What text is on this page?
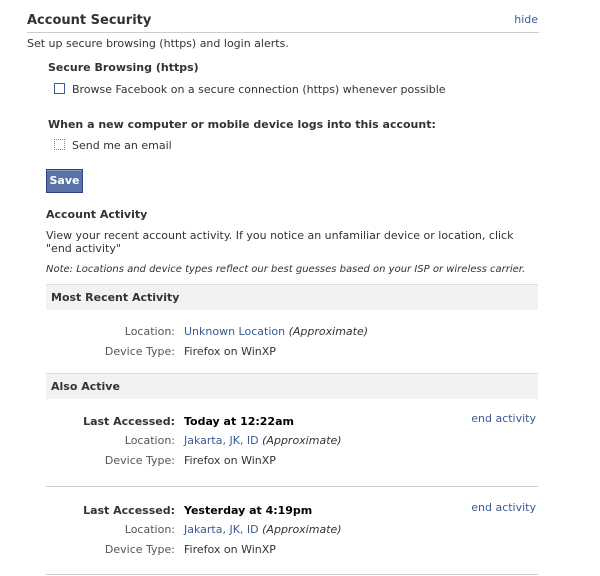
Account Security	hide
Set up secure browsing (https) and login alerts.
Secure Browsing (https)
Browse Facebook on a secure connection (https) whenever possible
When a new computer or mobile device logs into this account:
Send me an email
Save
Account Activity
View your recent account activity. If you notice an unfamiliar device or location, click "end activity"
Note: Locations and device types reflect our best guesses based on your ISP or wireless carrier.
Most Recent Activity
Location: Unknown Location (Approximate)
Device Type: Firefox on WinXP
Also Active
Last Accessed: Today at 12:22am	end activity
Location: Jakarta, JK, ID (Approximate)
Device Type: Firefox on WinXP
Last Accessed: Yesterday at 4:19pm	end activity
Location: Jakarta, JK, ID (Approximate)
Device Type: Firefox on WinXP
